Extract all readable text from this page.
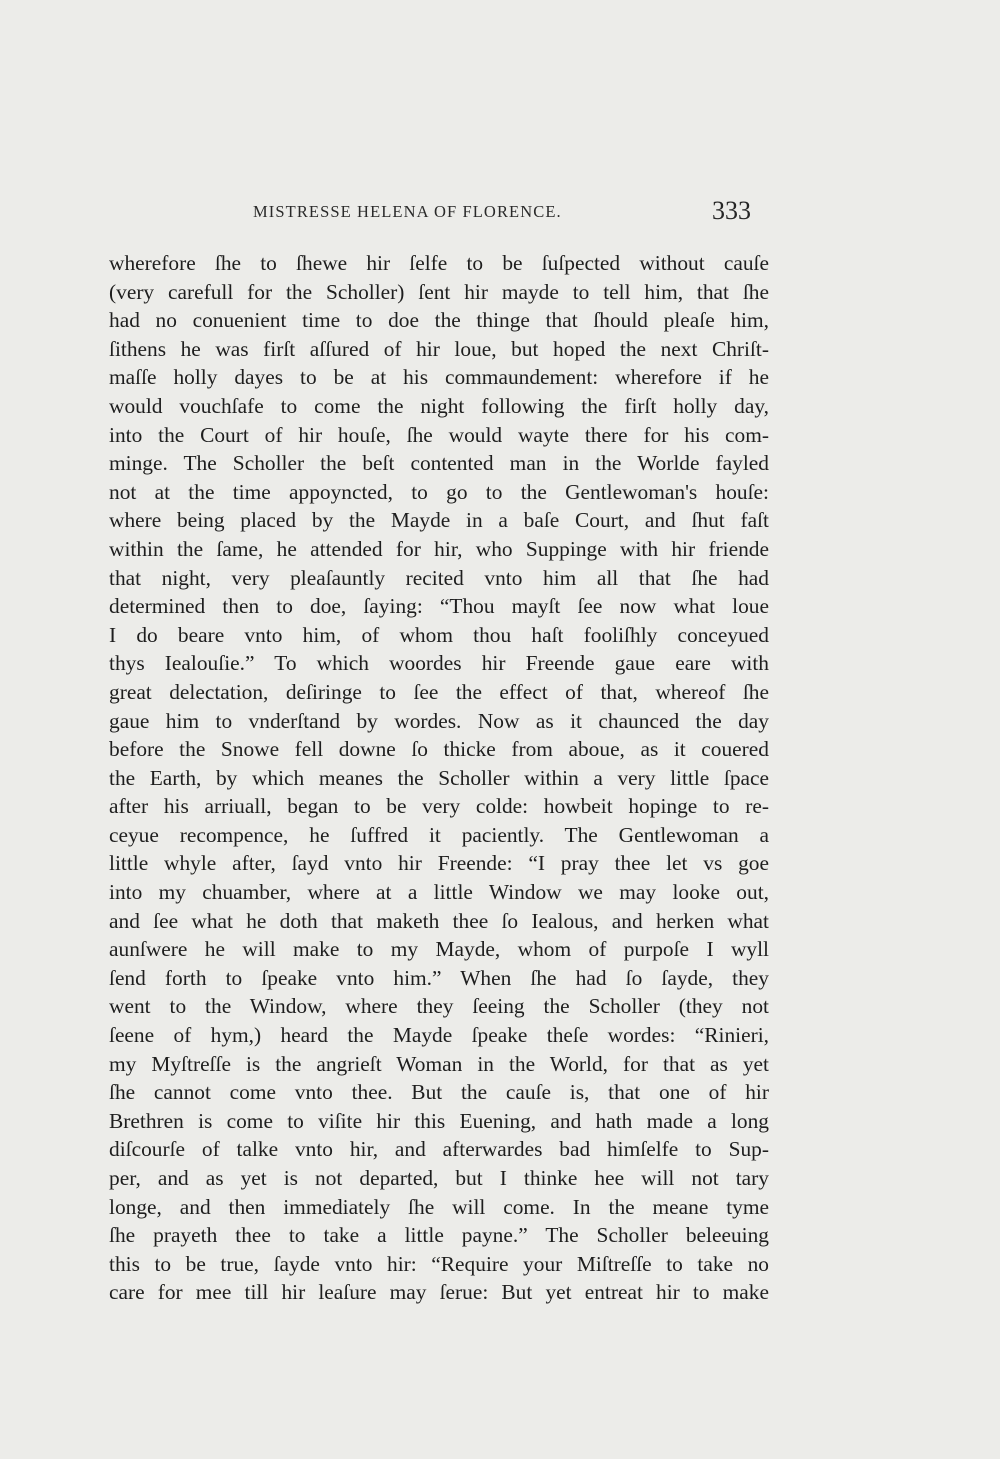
MISTRESSE HELENA OF FLORENCE.	333
wherefore ſhe to ſhewe hir ſelfe to be ſuſpected without cauſe
(very carefull for the Scholler) ſent hir mayde to tell him, that ſhe
had no conuenient time to doe the thinge that ſhould pleaſe him,
ſithens he was firſt aſſured of hir loue, but hoped the next Chriſt-
maſſe holly dayes to be at his commaundement: wherefore if he
would vouchſafe to come the night following the firſt holly day,
into the Court of hir houſe, ſhe would wayte there for his com-
minge. The Scholler the beſt contented man in the Worlde fayled
not at the time appoyncted, to go to the Gentlewoman's houſe:
where being placed by the Mayde in a baſe Court, and ſhut faſt
within the ſame, he attended for hir, who Suppinge with hir friende
that night, very pleaſauntly recited vnto him all that ſhe had
determined then to doe, ſaying: “Thou mayſt ſee now what loue
I do beare vnto him, of whom thou haſt fooliſhly conceyued
thys Iealouſie.” To which woordes hir Freende gaue eare with
great delectation, deſiringe to ſee the effect of that, whereof ſhe
gaue him to vnderſtand by wordes. Now as it chaunced the day
before the Snowe fell downe ſo thicke from aboue, as it couered
the Earth, by which meanes the Scholler within a very little ſpace
after his arriuall, began to be very colde: howbeit hopinge to re-
ceyue recompence, he ſuffred it paciently. The Gentlewoman a
little whyle after, ſayd vnto hir Freende: “I pray thee let vs goe
into my chuamber, where at a little Window we may looke out,
and ſee what he doth that maketh thee ſo Iealous, and herken what
aunſwere he will make to my Mayde, whom of purpoſe I wyll
ſend forth to ſpeake vnto him.” When ſhe had ſo ſayde, they
went to the Window, where they ſeeing the Scholler (they not
ſeene of hym,) heard the Mayde ſpeake theſe wordes: “Rinieri,
my Myſtreſſe is the angrieſt Woman in the World, for that as yet
ſhe cannot come vnto thee. But the cauſe is, that one of hir
Brethren is come to viſite hir this Euening, and hath made a long
diſcourſe of talke vnto hir, and afterwardes bad himſelfe to Sup-
per, and as yet is not departed, but I thinke hee will not tary
longe, and then immediately ſhe will come. In the meane tyme
ſhe prayeth thee to take a little payne.” The Scholler beleeuing
this to be true, ſayde vnto hir: “Require your Miſtreſſe to take no
care for mee till hir leaſure may ſerue: But yet entreat hir to make
